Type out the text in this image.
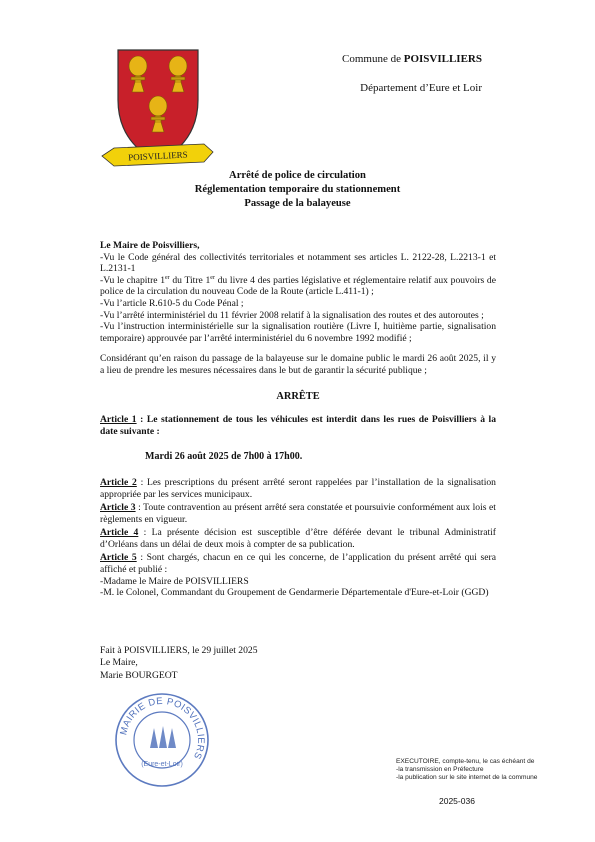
POISVILLIERS
Commune de POISVILLIERS
Département d’Eure et Loir
Arrêté de police de circulation
Réglementation temporaire du stationnement
Passage de la balayeuse

Le Maire de Poisvilliers,

-Vu le Code général des collectivités territoriales et notamment ses articles L. 2122-28, L.2213-1 et L.2131-1

-Vu le chapitre 1er du Titre 1er du livre 4 des parties législative et réglementaire relatif aux pouvoirs de police de la circulation du nouveau Code de la Route (article L.411-1) ;

-Vu l’article R.610-5 du Code Pénal ;

-Vu l’arrêté interministériel du 11 février 2008 relatif à la signalisation des routes et des autoroutes ;

-Vu l’instruction interministérielle sur la signalisation routière (Livre I, huitième partie, signalisation temporaire) approuvée par l’arrêté interministériel du 6 novembre 1992 modifié ;

Considérant qu’en raison du passage de la balayeuse sur le domaine public le mardi 26 août 2025, il y a lieu de prendre les mesures nécessaires dans le but de garantir la sécurité publique ;

ARRÊTE

Article 1 : Le stationnement de tous les véhicules est interdit dans les rues de Poisvilliers à la date suivante :

Mardi 26 août 2025 de 7h00 à 17h00.

Article 2 : Les prescriptions du présent arrêté seront rappelées par l’installation de la signalisation appropriée par les services municipaux.

Article 3 : Toute contravention au présent arrêté sera constatée et poursuivie conformément aux lois et règlements en vigueur.

Article 4 : La présente décision est susceptible d’être déférée devant le tribunal Administratif d’Orléans dans un délai de deux mois à compter de sa publication.

Article 5 : Sont chargés, chacun en ce qui les concerne, de l’application du présent arrêté qui sera affiché et publié :

-Madame le Maire de POISVILLIERS

-M. le Colonel, Commandant du Groupement de Gendarmerie Départementale d'Eure-et-Loir (GGD)

Fait à POISVILLIERS, le 29 juillet 2025
Le Maire,
Marie BOURGEOT
MAIRIE DE POISVILLIERS
(Eure-et-Loir)	EXECUTOIRE, compte-tenu, le cas échéant de
-la transmission en Préfecture
-la publication sur le site internet de la commune
2025-036
